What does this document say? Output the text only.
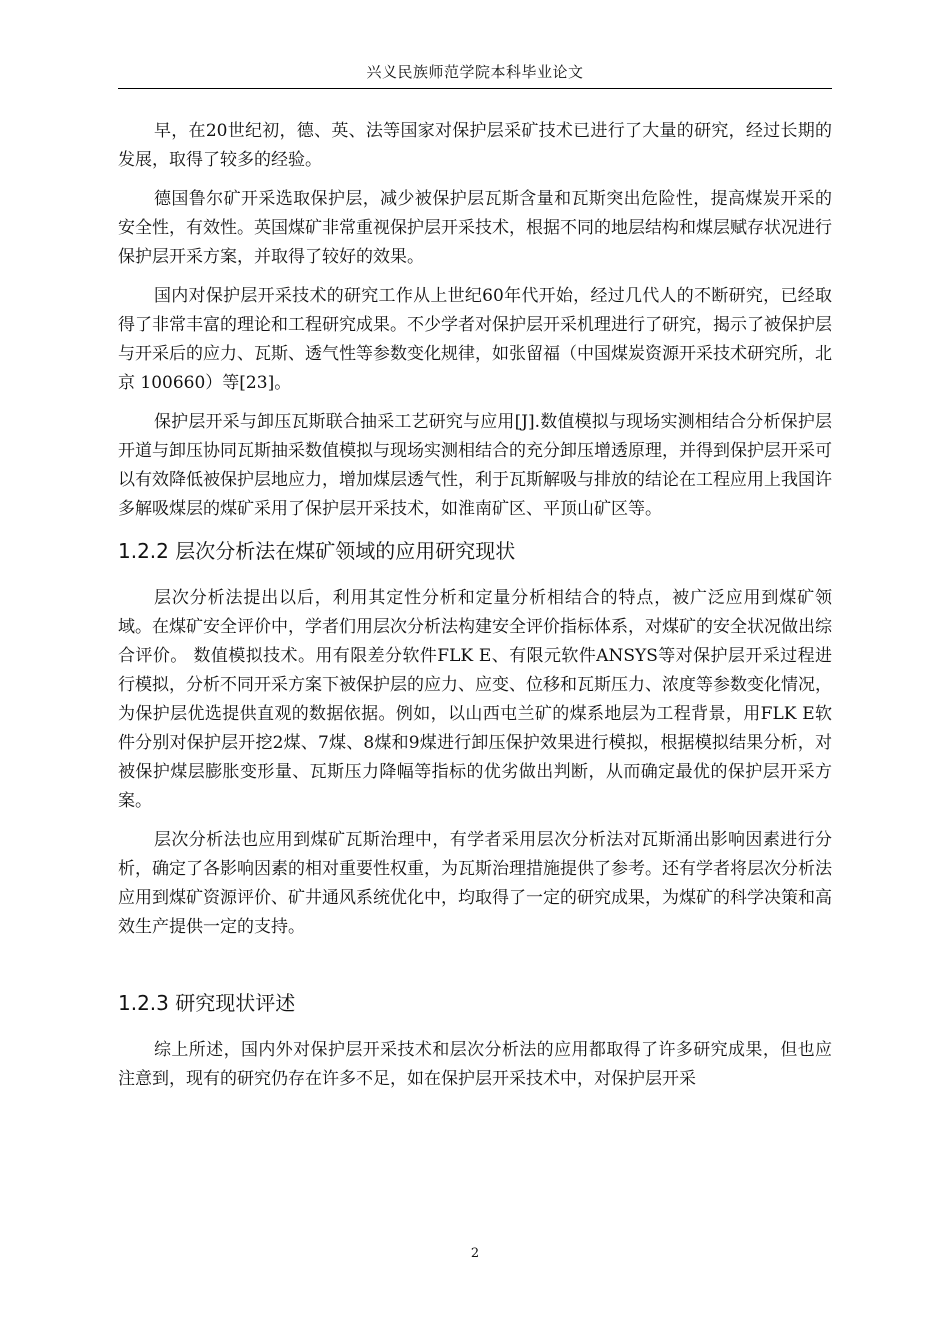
兴义民族师范学院本科毕业论文

早，在20世纪初，德、英、法等国家对保护层采矿技术已进行了大量的研究，经过长期的发展，取得了较多的经验。

德国鲁尔矿开采选取保护层，减少被保护层瓦斯含量和瓦斯突出危险性，提高煤炭开采的安全性，有效性。英国煤矿非常重视保护层开采技术，根据不同的地层结构和煤层赋存状况进行保护层开采方案，并取得了较好的效果。

国内对保护层开采技术的研究工作从上世纪60年代开始，经过几代人的不断研究，已经取得了非常丰富的理论和工程研究成果。不少学者对保护层开采机理进行了研究，揭示了被保护层与开采后的应力、瓦斯、透气性等参数变化规律，如张留福（中国煤炭资源开采技术研究所，北京 100660）等[23]。

保护层开采与卸压瓦斯联合抽采工艺研究与应用[J].数值模拟与现场实测相结合分析保护层开道与卸压协同瓦斯抽采数值模拟与现场实测相结合的充分卸压增透原理，并得到保护层开采可以有效降低被保护层地应力，增加煤层透气性，利于瓦斯解吸与排放的结论在工程应用上我国许多解吸煤层的煤矿采用了保护层开采技术，如淮南矿区、平顶山矿区等。

1.2.2 层次分析法在煤矿领域的应用研究现状

层次分析法提出以后，利用其定性分析和定量分析相结合的特点，被广泛应用到煤矿领域。在煤矿安全评价中，学者们用层次分析法构建安全评价指标体系，对煤矿的安全状况做出综合评价。 数值模拟技术。用有限差分软件FLK E、有限元软件ANSYS等对保护层开采过程进行模拟，分析不同开采方案下被保护层的应力、应变、位移和瓦斯压力、浓度等参数变化情况，为保护层优选提供直观的数据依据。例如，以山西屯兰矿的煤系地层为工程背景，用FLK E软件分别对保护层开挖2煤、7煤、8煤和9煤进行卸压保护效果进行模拟，根据模拟结果分析，对被保护煤层膨胀变形量、瓦斯压力降幅等指标的优劣做出判断，从而确定最优的保护层开采方案。

层次分析法也应用到煤矿瓦斯治理中，有学者采用层次分析法对瓦斯涌出影响因素进行分析，确定了各影响因素的相对重要性权重，为瓦斯治理措施提供了参考。还有学者将层次分析法应用到煤矿资源评价、矿井通风系统优化中，均取得了一定的研究成果，为煤矿的科学决策和高效生产提供一定的支持。

1.2.3 研究现状评述

综上所述，国内外对保护层开采技术和层次分析法的应用都取得了许多研究成果，但也应注意到，现有的研究仍存在许多不足，如在保护层开采技术中，对保护层开采

2
